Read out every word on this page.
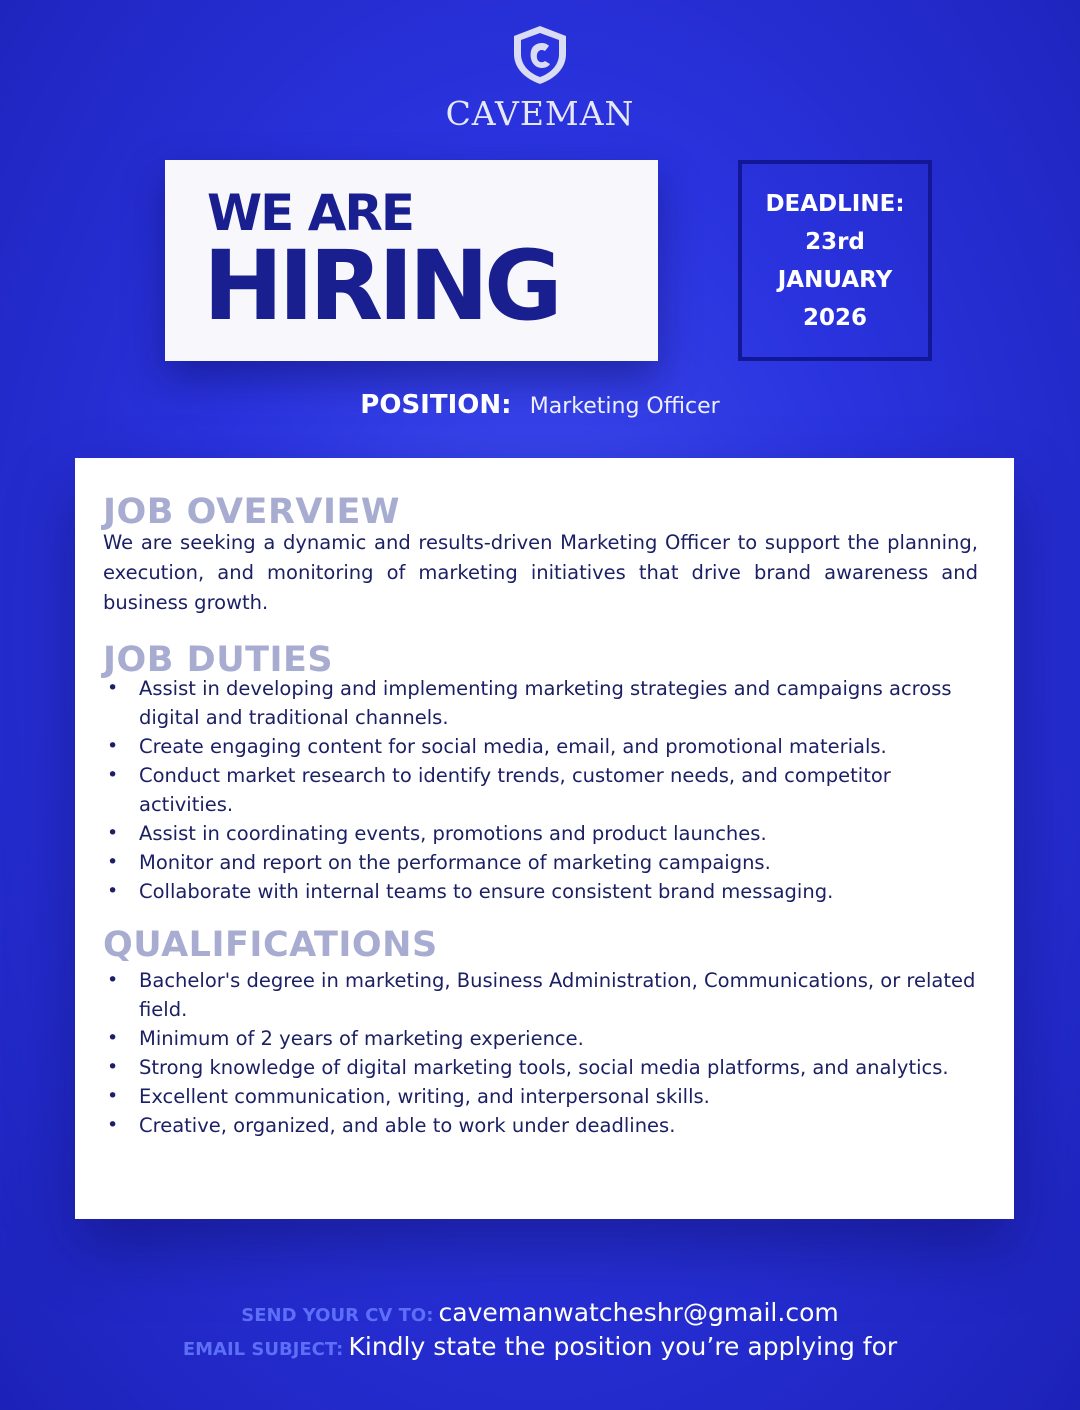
CAVEMAN
WE ARE
HIRING
DEADLINE:
23rd
JANUARY
2026
POSITION: Marketing Officer
JOB OVERVIEW

We are seeking a dynamic and results-driven Marketing Officer to support the planning, execution, and monitoring of marketing initiatives that drive brand awareness and business growth.

JOB DUTIES
• Assist in developing and implementing marketing strategies and campaigns across digital and traditional channels.
• Create engaging content for social media, email, and promotional materials.
• Conduct market research to identify trends, customer needs, and competitor activities.
• Assist in coordinating events, promotions and product launches.
• Monitor and report on the performance of marketing campaigns.
• Collaborate with internal teams to ensure consistent brand messaging.
QUALIFICATIONS
• Bachelor's degree in marketing, Business Administration, Communications, or related field.
• Minimum of 2 years of marketing experience.
• Strong knowledge of digital marketing tools, social media platforms, and analytics.
• Excellent communication, writing, and interpersonal skills.
• Creative, organized, and able to work under deadlines.
SEND YOUR CV TO: cavemanwatcheshr@gmail.com
EMAIL SUBJECT: Kindly state the position you’re applying for
